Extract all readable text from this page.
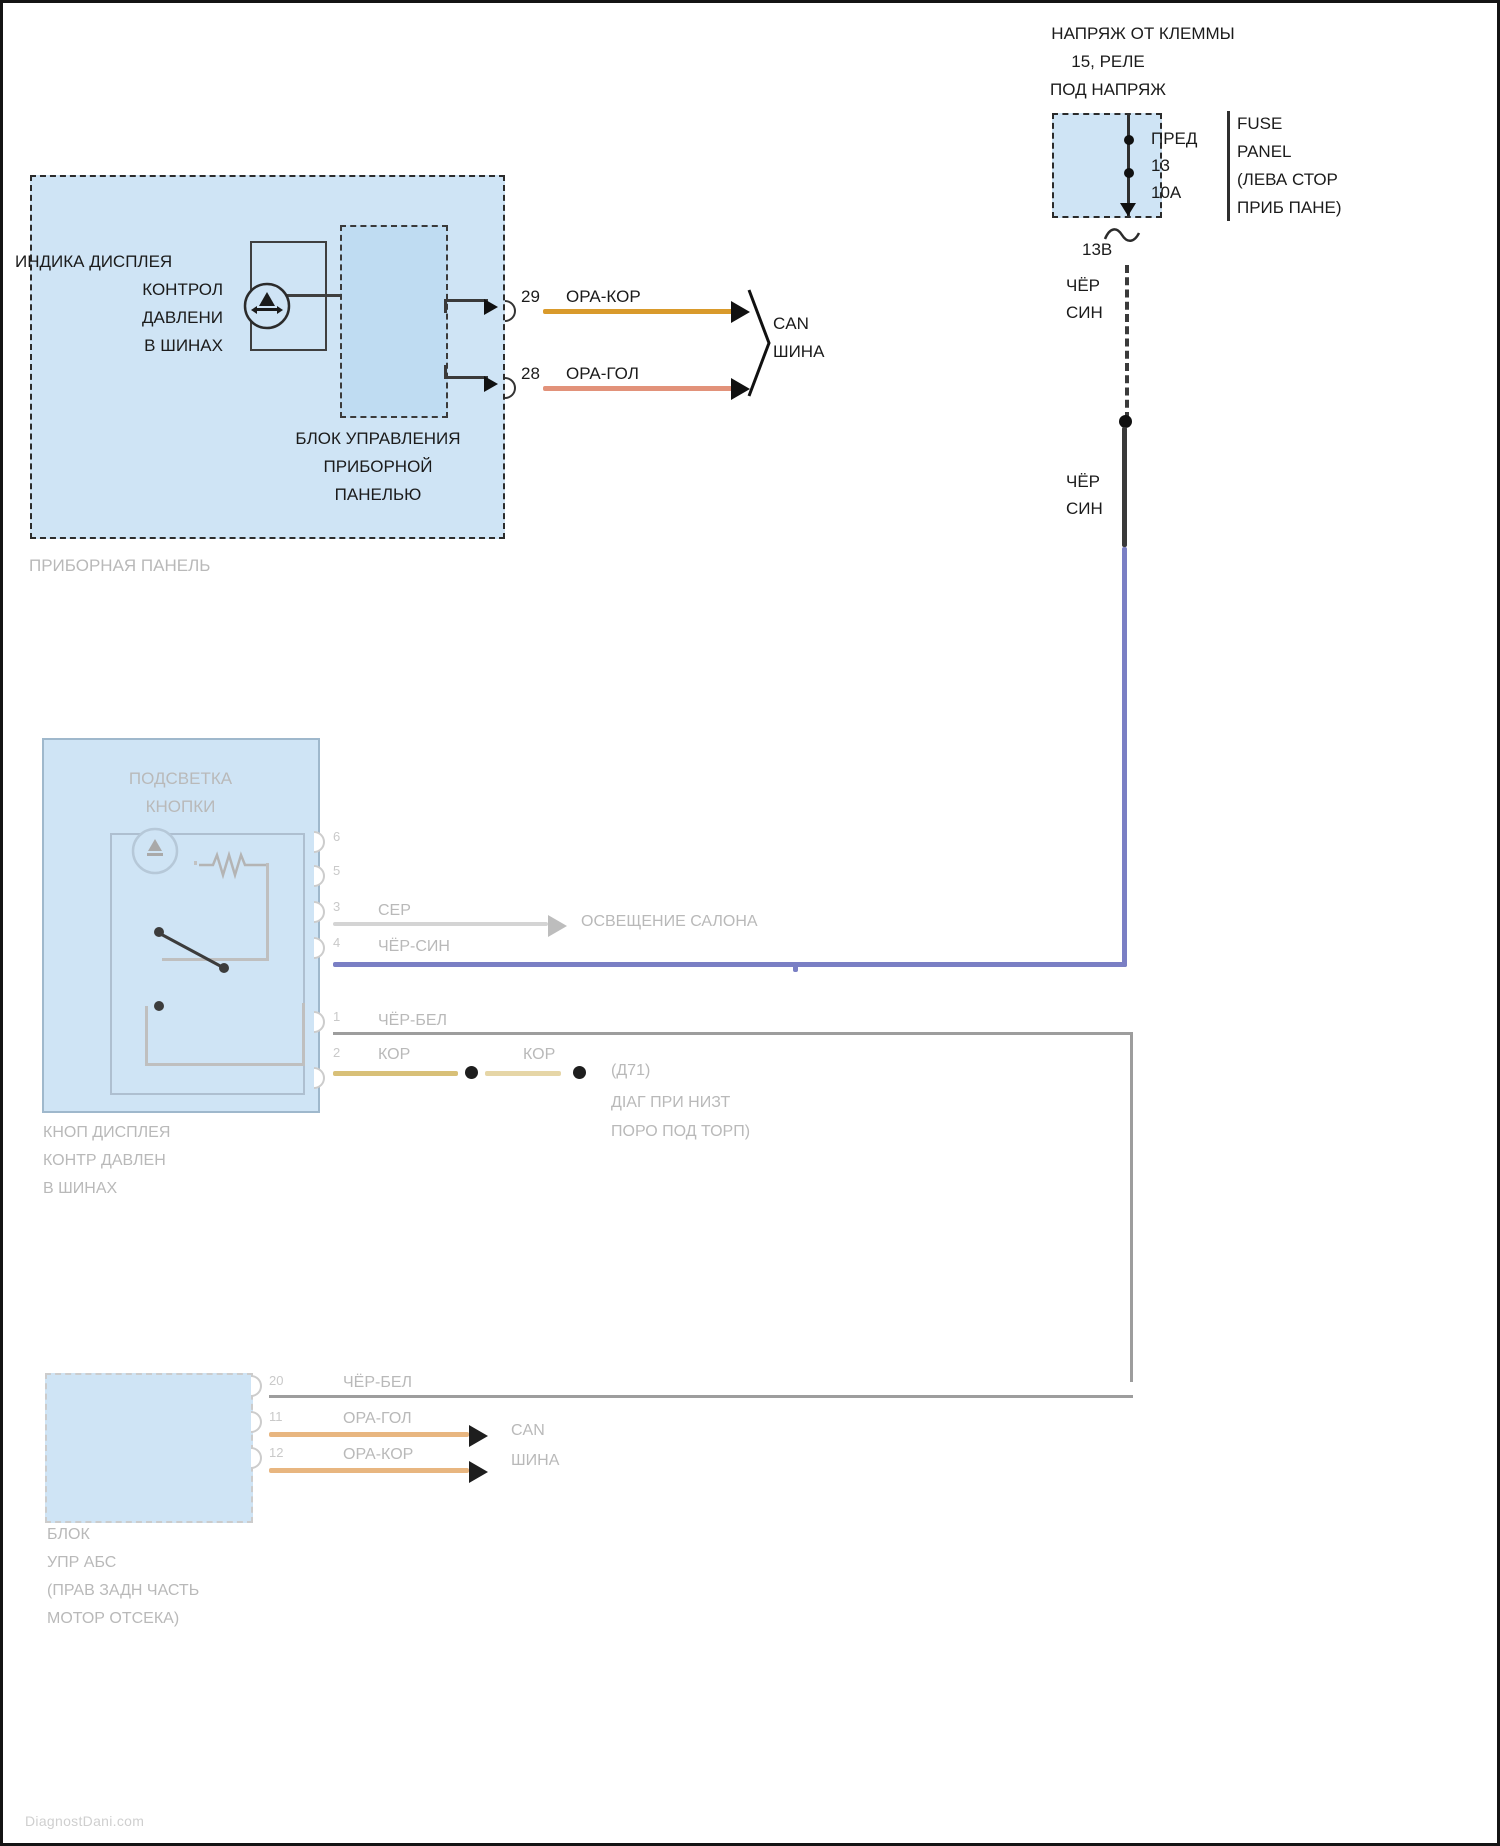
НАПРЯЖ ОТ КЛЕММЫ
15, РЕЛЕ
ПОД НАПРЯЖ
ПРЕД
13
10A
FUSE
PANEL
(ЛЕВА СТОР
ПРИБ ПАНЕ)
13В
ЧЁР
СИН
ЧЁР
СИН
ИНДИКА ДИСПЛЕЯ
КОНТРОЛ
ДАВЛЕНИ
В ШИНАХ
БЛОК УПРАВЛЕНИЯ
ПРИБОРНОЙ
ПАНЕЛЬЮ
ПРИБОРНАЯ ПАНЕЛЬ
29 ОРА-КОР
28 ОРА-ГОЛ
CAN
ШИНА
ПОДСВЕТКА
КНОПКИ
6
5
3 СЕР
ОСВЕЩЕНИЕ САЛОНА
4 ЧЁР-СИН
1 ЧЁР-БЕЛ
2 КОР	КОР
(Д71)
ДІАГ ПРИ НИЗТ
ПОРО ПОД ТОРП)
КНОП ДИСПЛЕЯ
КОНТР ДАВЛЕН
В ШИНАХ
20	ЧЁР-БЕЛ
11	ОРА-ГОЛ
12	ОРА-КОР
CAN
ШИНА
БЛОК
УПР АБС
(ПРАВ ЗАДН ЧАСТЬ
МОТОР ОТСЕКА)
DiagnostDani.com
